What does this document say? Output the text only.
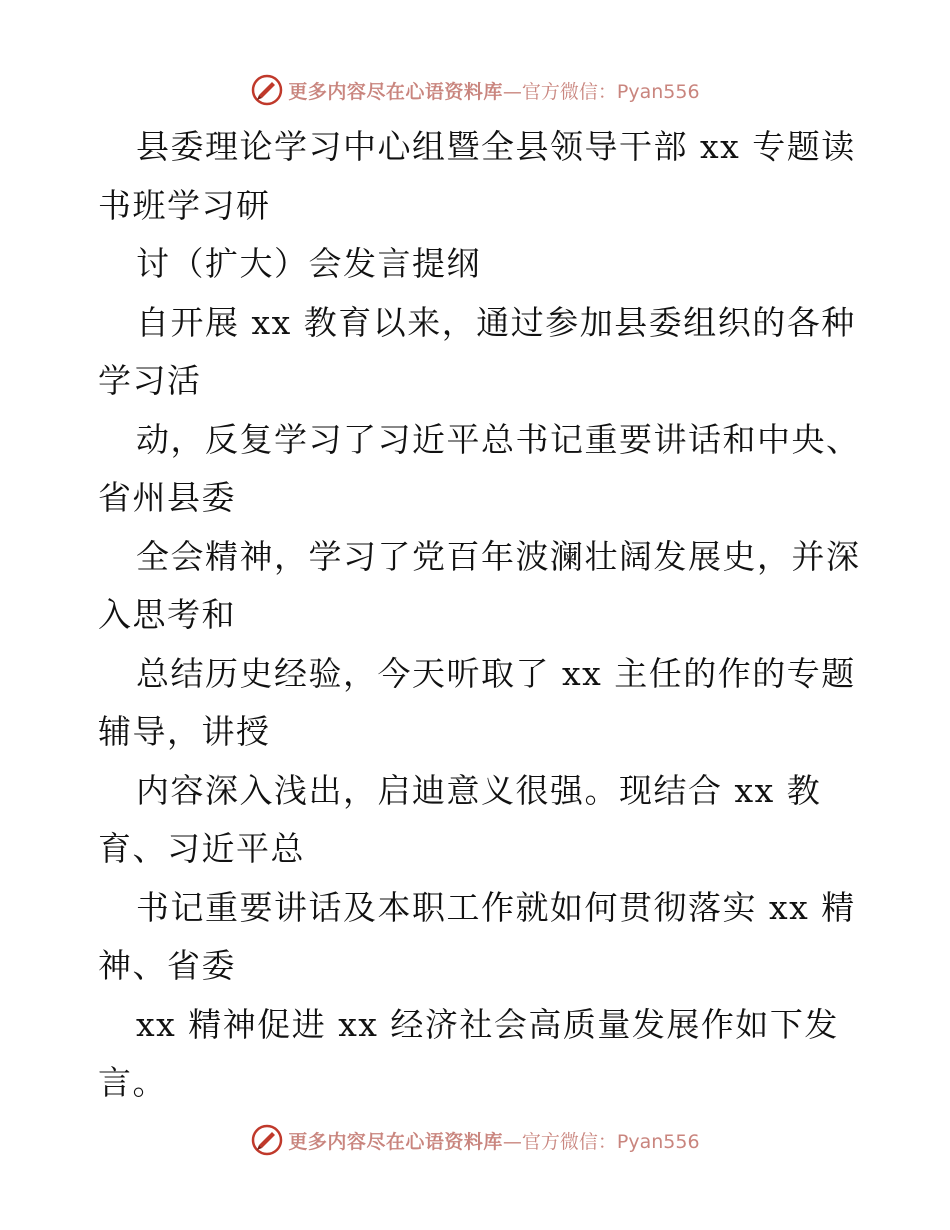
更多内容尽在心语资料库 —官方微信：Pyan556
县委理论学习中心组暨全县领导干部 xx 专题读
书班学习研
讨（扩大）会发言提纲
自开展 xx 教育以来，通过参加县委组织的各种
学习活
动，反复学习了习近平总书记重要讲话和中央、
省州县委
全会精神，学习了党百年波澜壮阔发展史，并深
入思考和
总结历史经验，今天听取了 xx 主任的作的专题
辅导，讲授
内容深入浅出，启迪意义很强。现结合 xx 教
育、习近平总
书记重要讲话及本职工作就如何贯彻落实 xx 精
神、省委
xx 精神促进 xx 经济社会高质量发展作如下发
言。
更多内容尽在心语资料库 —官方微信：Pyan556
